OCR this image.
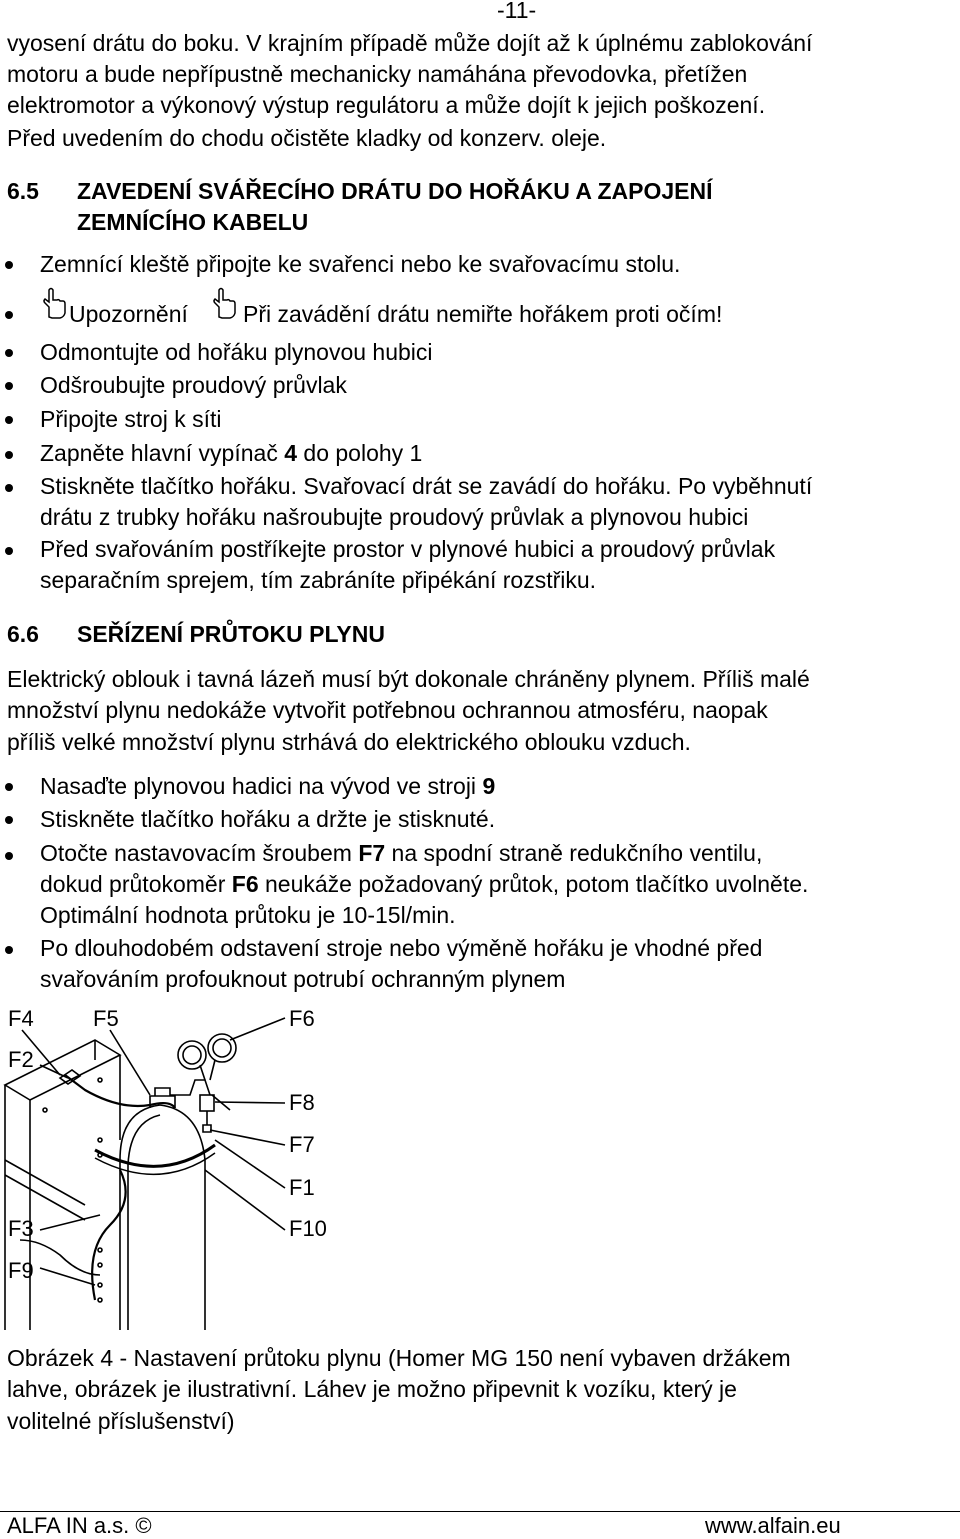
-11-
vyosení drátu do boku. V krajním případě může dojít až k úplnému zablokování
motoru a bude nepřípustně mechanicky namáhána převodovka, přetížen
elektromotor a výkonový výstup regulátoru a může dojít k jejich poškození.
Před uvedením do chodu očistěte kladky od konzerv. oleje.
6.5 ZAVEDENÍ SVÁŘECÍHO DRÁTU DO HOŘÁKU A ZAPOJENÍ
ZEMNÍCÍHO KABELU
Zemnící kleště připojte ke svařenci nebo ke svařovacímu stolu.
Upozornění Při zavádění drátu nemiřte hořákem proti očím!
Odmontujte od hořáku plynovou hubici
Odšroubujte proudový průvlak
Připojte stroj k síti
Zapněte hlavní vypínač 4 do polohy 1
Stiskněte tlačítko hořáku. Svařovací drát se zavádí do hořáku. Po vyběhnutí
drátu z trubky hořáku našroubujte proudový průvlak a plynovou hubici
Před svařováním postříkejte prostor v plynové hubici a proudový průvlak
separačním sprejem, tím zabráníte připékání rozstřiku.
6.6 SEŘÍZENÍ PRŮTOKU PLYNU
Elektrický oblouk i tavná lázeň musí být dokonale chráněny plynem. Příliš malé
množství plynu nedokáže vytvořit potřebnou ochrannou atmosféru, naopak
příliš velké množství plynu strhává do elektrického oblouku vzduch.
Nasaďte plynovou hadici na vývod ve stroji 9
Stiskněte tlačítko hořáku a držte je stisknuté.
Otočte nastavovacím šroubem F7 na spodní straně redukčního ventilu,
dokud průtokoměr F6 neukáže požadovaný průtok, potom tlačítko uvolněte.
Optimální hodnota průtoku je 10-15l/min.
Po dlouhodobém odstavení stroje nebo výměně hořáku je vhodné před
svařováním profouknout potrubí ochranným plynem
F4	F5	F6
F2
F8
F7
F1
F3	F10
F9
Obrázek 4 - Nastavení průtoku plynu (Homer MG 150 není vybaven držákem
lahve, obrázek je ilustrativní. Láhev je možno připevnit k vozíku, který je
volitelné příslušenství)
ALFA IN a.s. ©	www.alfain.eu
